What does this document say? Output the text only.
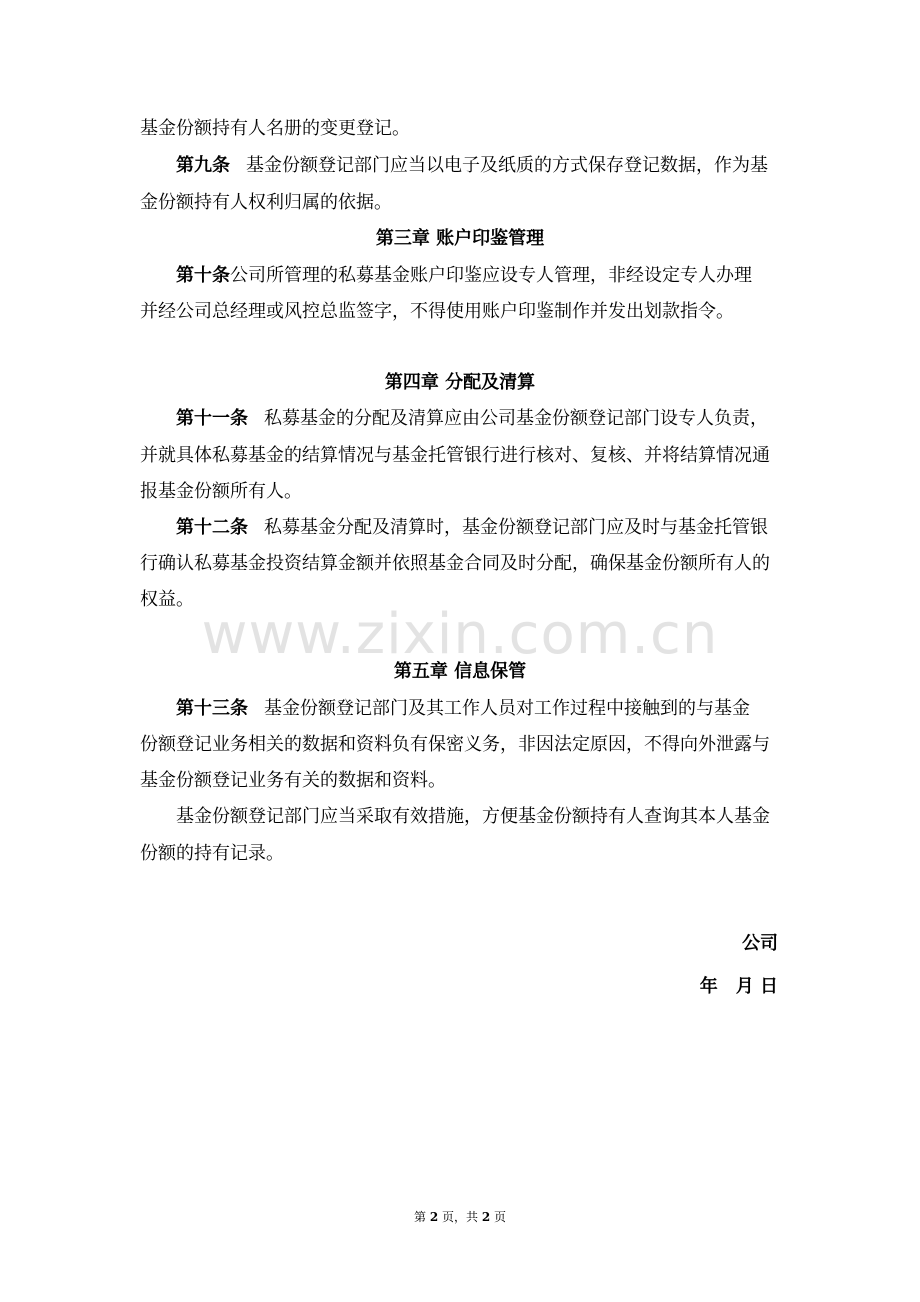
www.zixin.com.cn
基金份额持有人名册的变更登记。
第九条 基金份额登记部门应当以电子及纸质的方式保存登记数据，作为基
金份额持有人权利归属的依据。
第三章 账户印鉴管理
第十条公司所管理的私募基金账户印鉴应设专人管理，非经设定专人办理
并经公司总经理或风控总监签字，不得使用账户印鉴制作并发出划款指令。
第四章 分配及清算
第十一条 私募基金的分配及清算应由公司基金份额登记部门设专人负责，
并就具体私募基金的结算情况与基金托管银行进行核对、复核、并将结算情况通
报基金份额所有人。
第十二条 私募基金分配及清算时，基金份额登记部门应及时与基金托管银
行确认私募基金投资结算金额并依照基金合同及时分配，确保基金份额所有人的
权益。
第五章 信息保管
第十三条 基金份额登记部门及其工作人员对工作过程中接触到的与基金
份额登记业务相关的数据和资料负有保密义务，非因法定原因，不得向外泄露与
基金份额登记业务有关的数据和资料。
基金份额登记部门应当采取有效措施，方便基金份额持有人查询其本人基金
份额的持有记录。
公司
年　月 日
第 2 页，共 2 页
